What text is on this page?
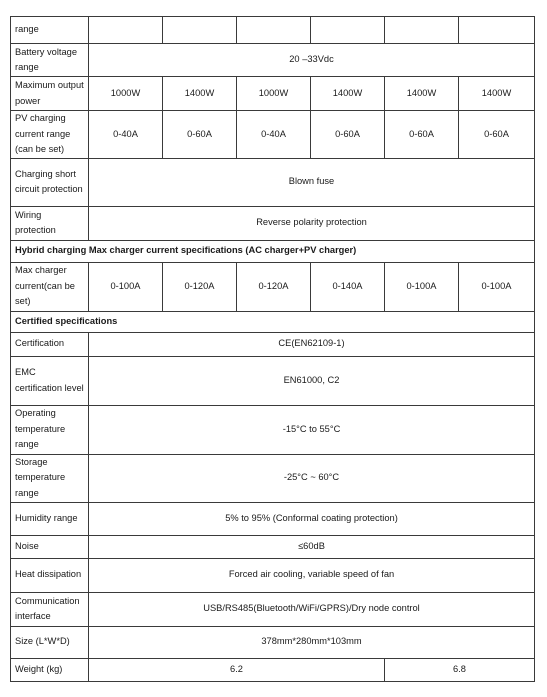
range						
Battery voltage range	20 –33Vdc					
Maximum output power	1000W	1400W	1000W	1400W	1400W	1400W
PV charging current range (can be set)	0-40A	0-60A	0-40A	0-60A	0-60A	0-60A
Charging short circuit protection	Blown fuse					
Wiring protection	Reverse polarity protection					
Hybrid charging Max charger current specifications (AC charger+PV charger)						
Max charger current(can be set)	0-100A	0-120A	0-120A	0-140A	0-100A	0-100A
Certified specifications						
Certification	CE(EN62109-1)					
EMC certification level	EN61000, C2					
Operating temperature range	-15°C to 55°C					
Storage temperature range	-25°C ~ 60°C					
Humidity range	5% to 95% (Conformal coating protection)					
Noise	≤60dB					
Heat dissipation	Forced air cooling, variable speed of fan					
Communication interface	USB/RS485(Bluetooth/WiFi/GPRS)/Dry node control					
Size (L*W*D)	378mm*280mm*103mm					
Weight (kg)	6.2				6.8	
